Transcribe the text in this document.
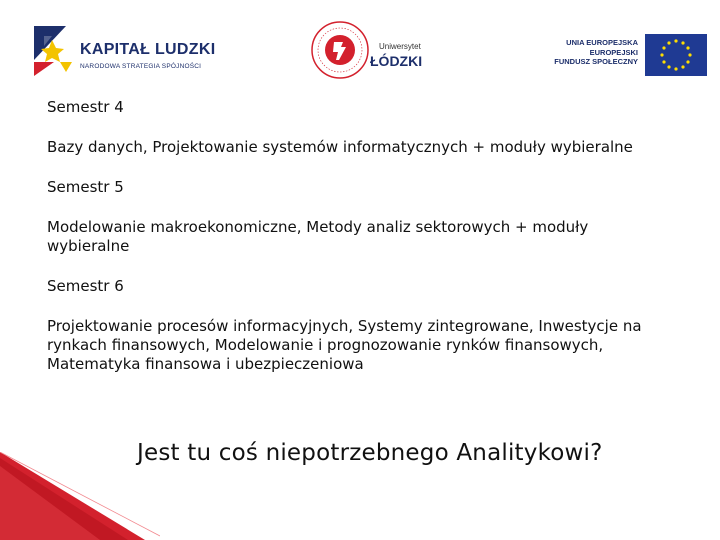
KAPITAŁ LUDZKI
NARODOWA STRATEGIA SPÓJNOŚCI
Uniwersytet
ŁÓDZKI
UNIA EUROPEJSKA
EUROPEJSKI
FUNDUSZ SPOŁECZNY

Semestr 4

Bazy danych, Projektowanie systemów informatycznych + moduły wybieralne

Semestr 5

Modelowanie makroekonomiczne, Metody analiz sektorowych + moduły wybieralne

Semestr 6

Projektowanie procesów informacyjnych, Systemy zintegrowane, Inwestycje na rynkach finansowych, Modelowanie i prognozowanie rynków finansowych, Matematyka finansowa i ubezpieczeniowa

Jest tu coś niepotrzebnego Analitykowi?
